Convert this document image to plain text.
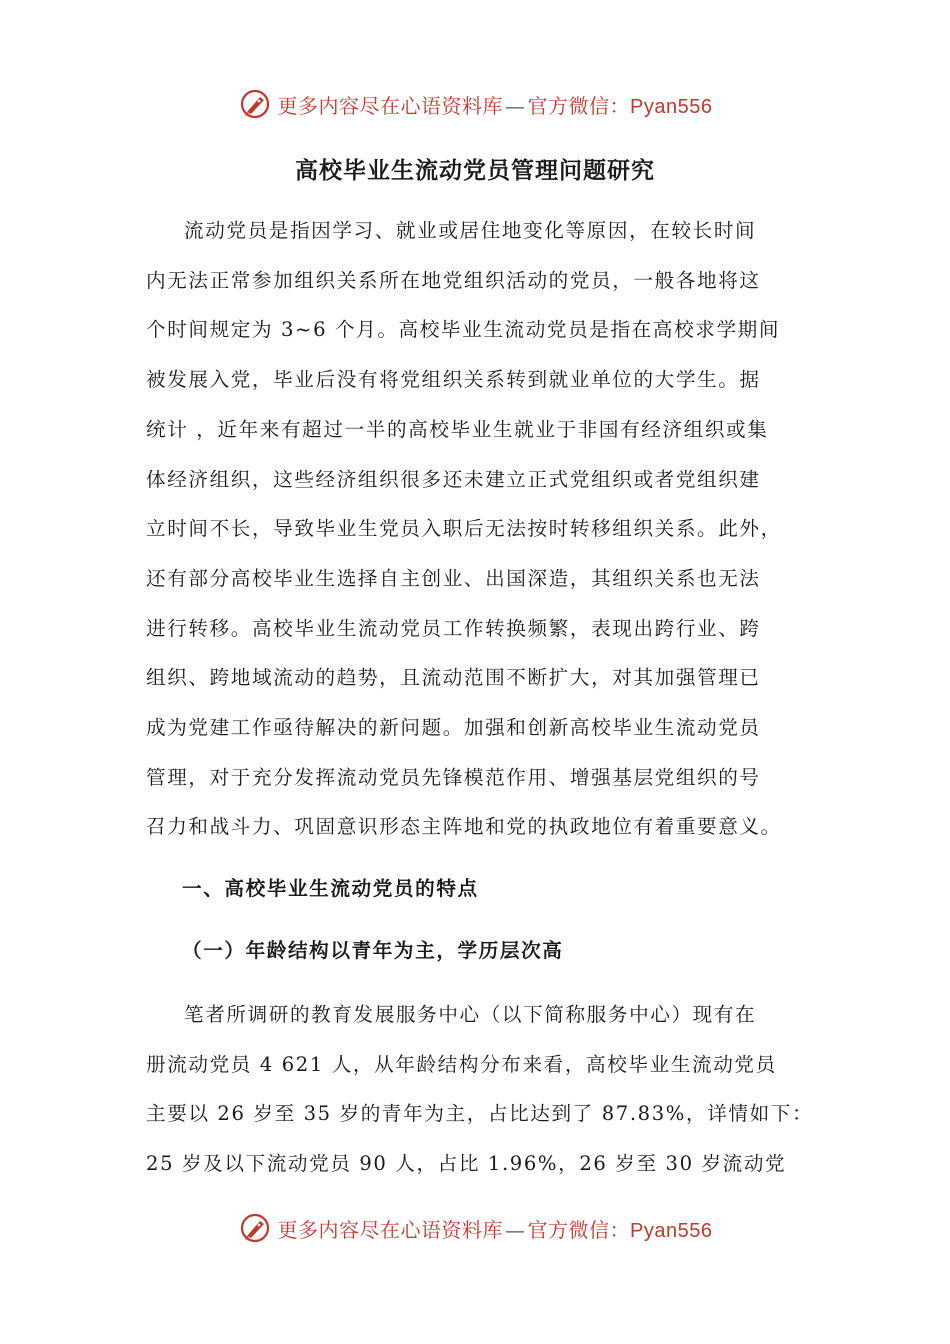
更多内容尽在心语资料库 — 官方微信：Pyan556
高校毕业生流动党员管理问题研究
流动党员是指因学习、就业或居住地变化等原因，在较长时间
内无法正常参加组织关系所在地党组织活动的党员，一般各地将这
个时间规定为 3~6 个月。高校毕业生流动党员是指在高校求学期间
被发展入党，毕业后没有将党组织关系转到就业单位的大学生。据
统计 ，近年来有超过一半的高校毕业生就业于非国有经济组织或集
体经济组织，这些经济组织很多还未建立正式党组织或者党组织建
立时间不长，导致毕业生党员入职后无法按时转移组织关系。此外，
还有部分高校毕业生选择自主创业、出国深造，其组织关系也无法
进行转移。高校毕业生流动党员工作转换频繁，表现出跨行业、跨
组织、跨地域流动的趋势，且流动范围不断扩大，对其加强管理已
成为党建工作亟待解决的新问题。加强和创新高校毕业生流动党员
管理，对于充分发挥流动党员先锋模范作用、增强基层党组织的号
召力和战斗力、巩固意识形态主阵地和党的执政地位有着重要意义。
一、高校毕业生流动党员的特点
（一）年龄结构以青年为主，学历层次高
笔者所调研的教育发展服务中心（以下简称服务中心）现有在
册流动党员 4 621 人，从年龄结构分布来看，高校毕业生流动党员
主要以 26 岁至 35 岁的青年为主，占比达到了 87.83%，详情如下：
25 岁及以下流动党员 90 人，占比 1.96%，26 岁至 30 岁流动党
更多内容尽在心语资料库 — 官方微信：Pyan556
